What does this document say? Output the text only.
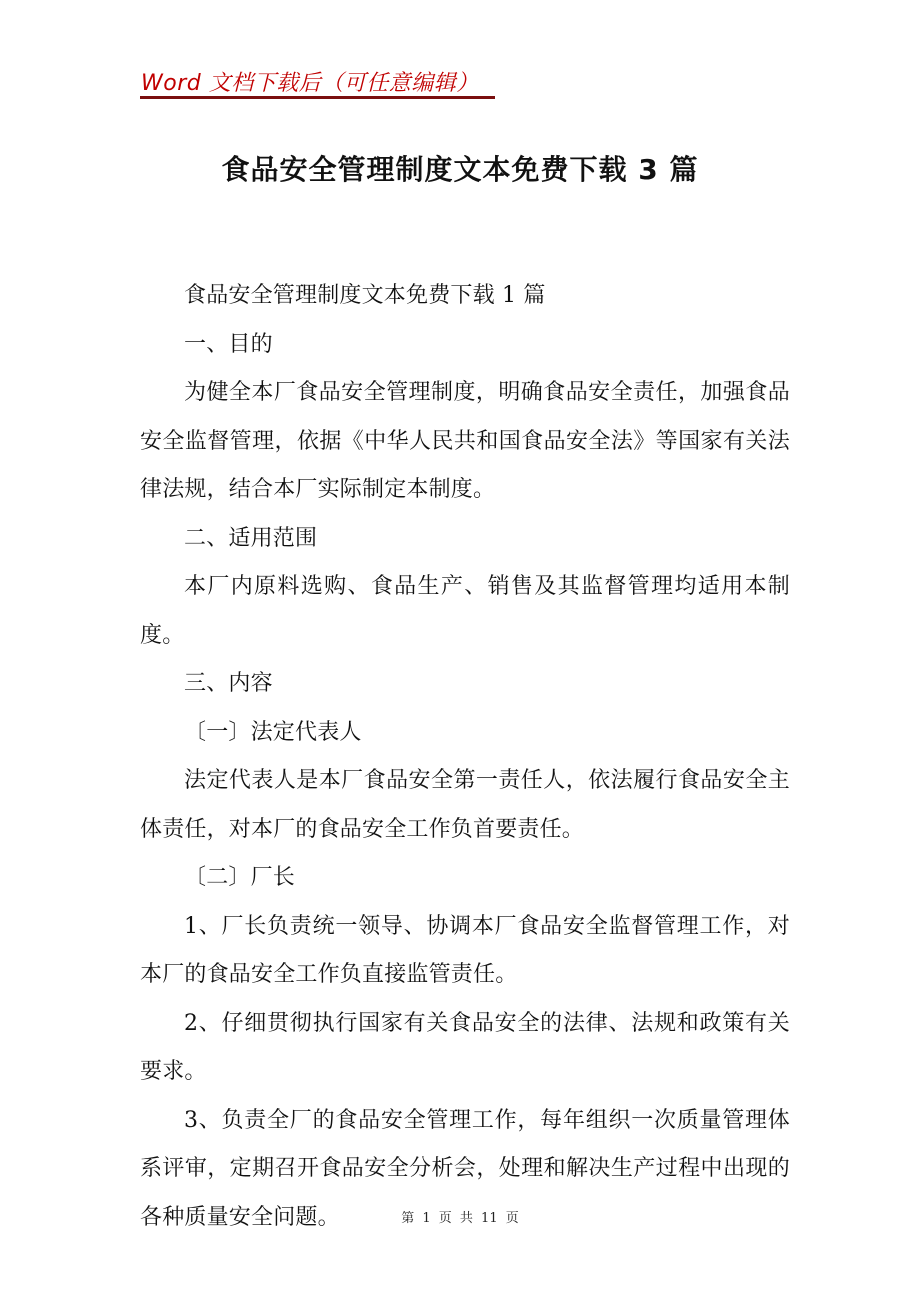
Word 文档下载后（可任意编辑）
食品安全管理制度文本免费下载 3 篇

食品安全管理制度文本免费下载 1 篇

一、目的

为健全本厂食品安全管理制度，明确食品安全责任，加强食品安全监督管理，依据《中华人民共和国食品安全法》等国家有关法律法规，结合本厂实际制定本制度。

二、适用范围

本厂内原料选购、食品生产、销售及其监督管理均适用本制度。

三、内容

〔一〕法定代表人

法定代表人是本厂食品安全第一责任人，依法履行食品安全主体责任，对本厂的食品安全工作负首要责任。

〔二〕厂长

1、厂长负责统一领导、协调本厂食品安全监督管理工作，对本厂的食品安全工作负直接监管责任。

2、仔细贯彻执行国家有关食品安全的法律、法规和政策有关要求。

3、负责全厂的食品安全管理工作，每年组织一次质量管理体系评审，定期召开食品安全分析会，处理和解决生产过程中出现的各种质量安全问题。	第 1 页 共 11 页
